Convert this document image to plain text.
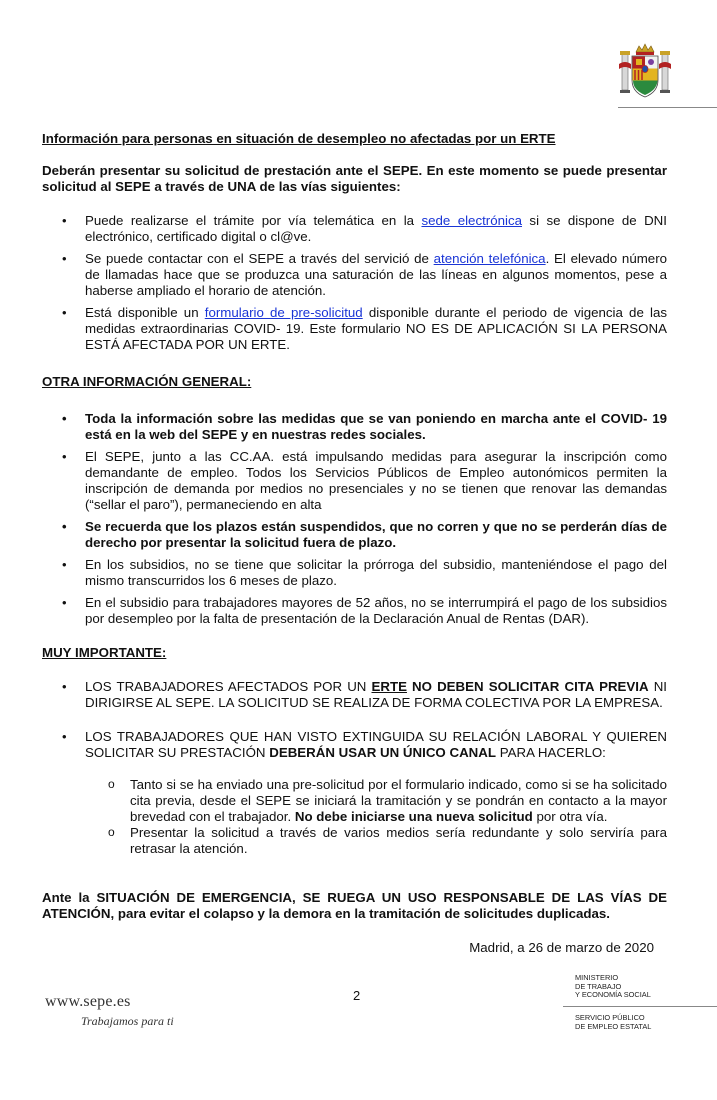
Información para personas en situación de desempleo no afectadas por un ERTE

Deberán presentar su solicitud de prestación ante el SEPE. En este momento se puede presentar solicitud al SEPE a través de UNA de las vías siguientes:

• Puede realizarse el trámite por vía telemática en la sede electrónica si se dispone de DNI electrónico, certificado digital o cl@ve.
• Se puede contactar con el SEPE a través del servició de atención telefónica. El elevado número de llamadas hace que se produzca una saturación de las líneas en algunos momentos, pese a haberse ampliado el horario de atención.
• Está disponible un formulario de pre-solicitud disponible durante el periodo de vigencia de las medidas extraordinarias COVID- 19. Este formulario NO ES DE APLICACIÓN SI LA PERSONA ESTÁ AFECTADA POR UN ERTE.

OTRA INFORMACIÓN GENERAL:

• Toda la información sobre las medidas que se van poniendo en marcha ante el COVID- 19 está en la web del SEPE y en nuestras redes sociales.
• El SEPE, junto a las CC.AA. está impulsando medidas para asegurar la inscripción como demandante de empleo. Todos los Servicios Públicos de Empleo autonómicos permiten la inscripción de demanda por medios no presenciales y no se tienen que renovar las demandas (“sellar el paro”), permaneciendo en alta
• Se recuerda que los plazos están suspendidos, que no corren y que no se perderán días de derecho por presentar la solicitud fuera de plazo.
• En los subsidios, no se tiene que solicitar la prórroga del subsidio, manteniéndose el pago del mismo transcurridos los 6 meses de plazo.
• En el subsidio para trabajadores mayores de 52 años, no se interrumpirá el pago de los subsidios por desempleo por la falta de presentación de la Declaración Anual de Rentas (DAR).

MUY IMPORTANTE:

• LOS TRABAJADORES AFECTADOS POR UN ERTE NO DEBEN SOLICITAR CITA PREVIA NI DIRIGIRSE AL SEPE. LA SOLICITUD SE REALIZA DE FORMA COLECTIVA POR LA EMPRESA.
• LOS TRABAJADORES QUE HAN VISTO EXTINGUIDA SU RELACIÓN LABORAL Y QUIEREN SOLICITAR SU PRESTACIÓN DEBERÁN USAR UN ÚNICO CANAL PARA HACERLO:
o Tanto si se ha enviado una pre-solicitud por el formulario indicado, como si se ha solicitado cita previa, desde el SEPE se iniciará la tramitación y se pondrán en contacto a la mayor brevedad con el trabajador. No debe iniciarse una nueva solicitud por otra vía.
o Presentar la solicitud a través de varios medios sería redundante y solo serviría para retrasar la atención.

Ante la SITUACIÓN DE EMERGENCIA, SE RUEGA UN USO RESPONSABLE DE LAS VÍAS DE ATENCIÓN, para evitar el colapso y la demora en la tramitación de solicitudes duplicadas.

Madrid, a 26 de marzo de 2020

2
www.sepe.es
Trabajamos para ti
MINISTERIO
DE TRABAJO
Y ECONOMÍA SOCIAL
SERVICIO PÚBLICO
DE EMPLEO ESTATAL
